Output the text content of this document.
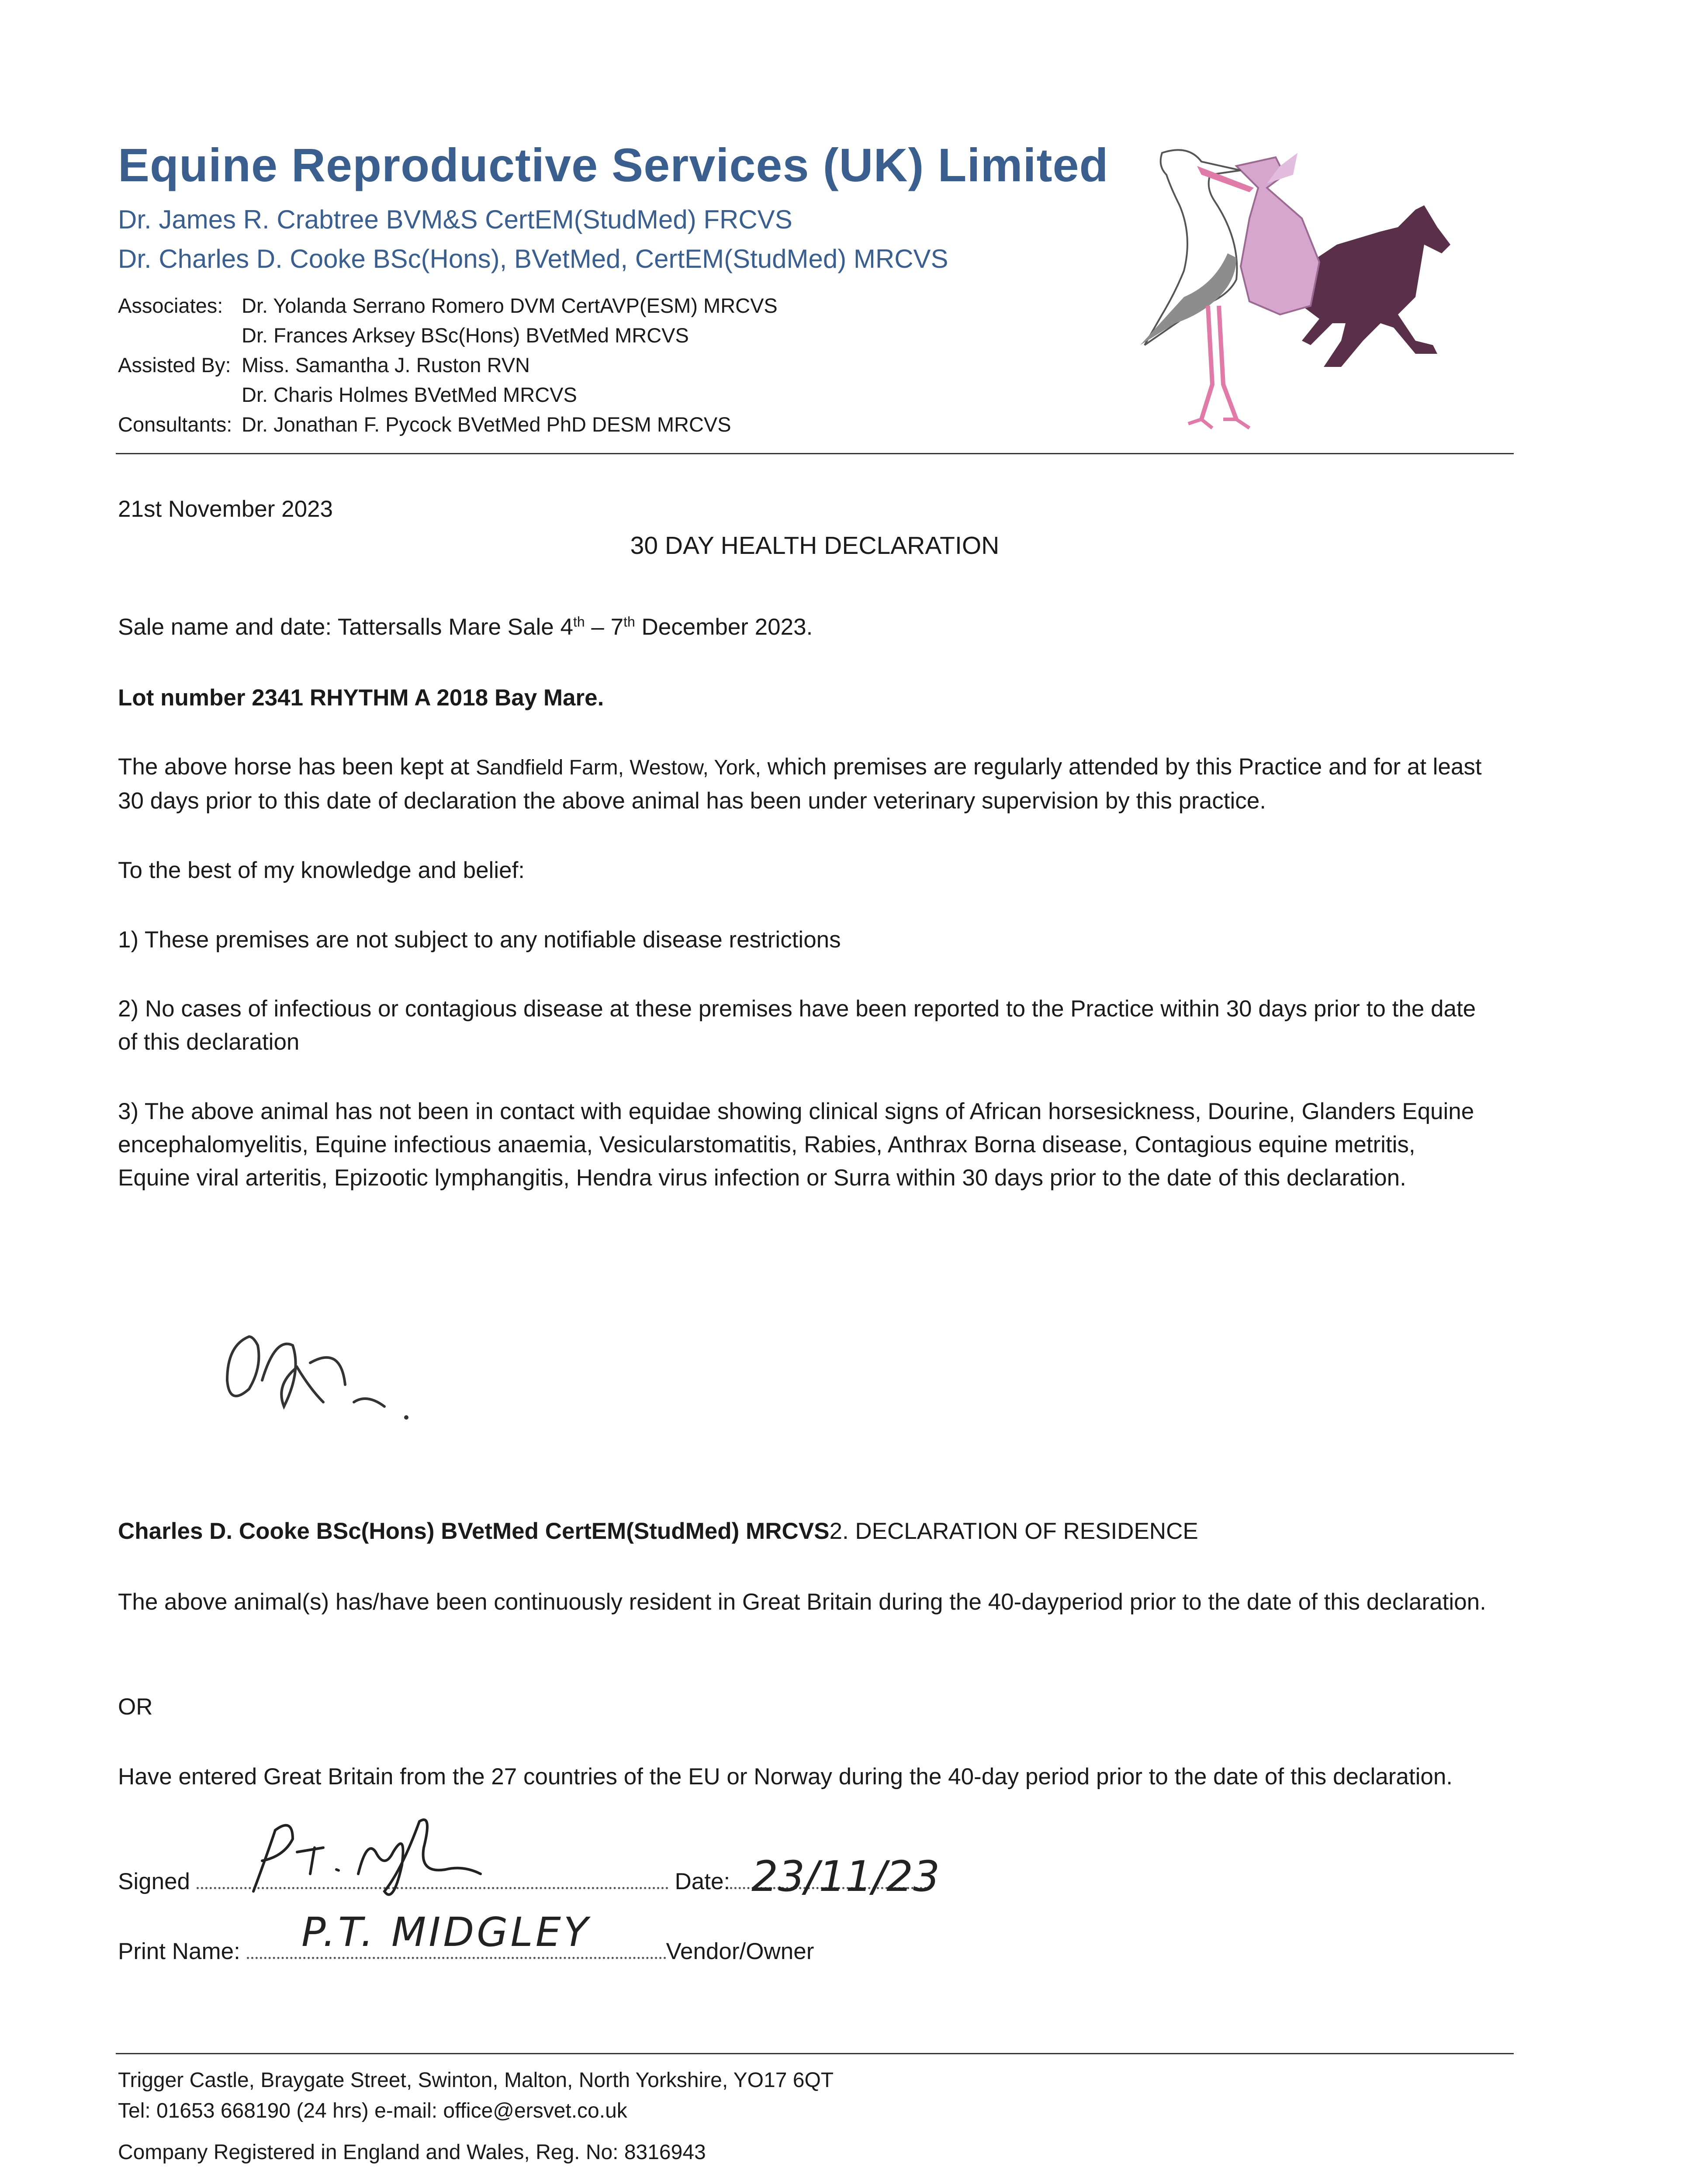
Equine Reproductive Services (UK) Limited
Dr. James R. Crabtree BVM&S CertEM(StudMed) FRCVS
Dr. Charles D. Cooke BSc(Hons), BVetMed, CertEM(StudMed) MRCVS
Associates: Dr. Yolanda Serrano Romero DVM CertAVP(ESM) MRCVS
Dr. Frances Arksey BSc(Hons) BVetMed MRCVS
Assisted By: Miss. Samantha J. Ruston RVN
Dr. Charis Holmes BVetMed MRCVS
Consultants: Dr. Jonathan F. Pycock BVetMed PhD DESM MRCVS
21st November 2023
30 DAY HEALTH DECLARATION
Sale name and date: Tattersalls Mare Sale 4th – 7th December 2023.
Lot number 2341 RHYTHM A 2018 Bay Mare.
The above horse has been kept at Sandfield Farm, Westow, York, which premises are regularly attended by this Practice and for at least 30 days prior to this date of declaration the above animal has been under veterinary supervision by this practice.
To the best of my knowledge and belief:
1) These premises are not subject to any notifiable disease restrictions
2) No cases of infectious or contagious disease at these premises have been reported to the Practice within 30 days prior to the date of this declaration
3) The above animal has not been in contact with equidae showing clinical signs of African horsesickness, Dourine, Glanders Equine encephalomyelitis, Equine infectious anaemia, Vesicularstomatitis, Rabies, Anthrax Borna disease, Contagious equine metritis, Equine viral arteritis, Epizootic lymphangitis, Hendra virus infection or Surra within 30 days prior to the date of this declaration.
Charles D. Cooke BSc(Hons) BVetMed CertEM(StudMed) MRCVS2. DECLARATION OF RESIDENCE
The above animal(s) has/have been continuously resident in Great Britain during the 40-dayperiod prior to the date of this declaration.
OR
Have entered Great Britain from the 27 countries of the EU or Norway during the 40-day period prior to the date of this declaration.
Signed	Date: 23/11/23
Print Name:	Vendor/Owner
P.T. MIDGLEY
Trigger Castle, Braygate Street, Swinton, Malton, North Yorkshire, YO17 6QT
Tel: 01653 668190 (24 hrs) e-mail: office@ersvet.co.uk
Company Registered in England and Wales, Reg. No: 8316943
